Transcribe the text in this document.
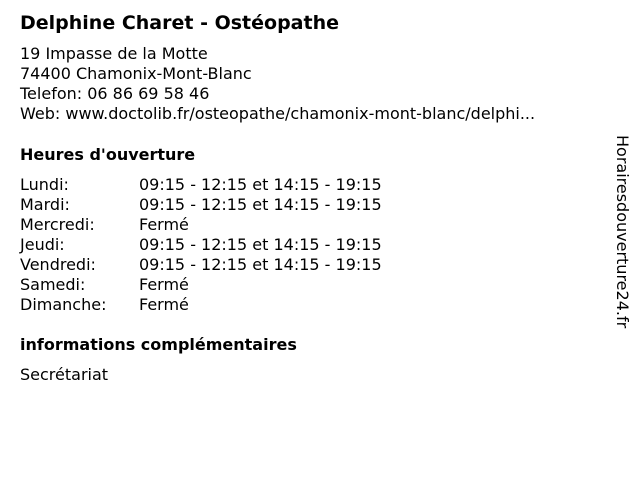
Delphine Charet - Ostéopathe
19 Impasse de la Motte
74400 Chamonix-Mont-Blanc
Telefon: 06 86 69 58 46
Web: www.doctolib.fr/osteopathe/chamonix-mont-blanc/delphi...
Heures d'ouverture
Lundi:	09:15 - 12:15 et 14:15 - 19:15
Mardi:	09:15 - 12:15 et 14:15 - 19:15
Mercredi:	Fermé
Jeudi:	09:15 - 12:15 et 14:15 - 19:15
Vendredi:	09:15 - 12:15 et 14:15 - 19:15
Samedi:	Fermé
Dimanche:	Fermé
informations complémentaires
Secrétariat
Horairesdouverture24.fr
